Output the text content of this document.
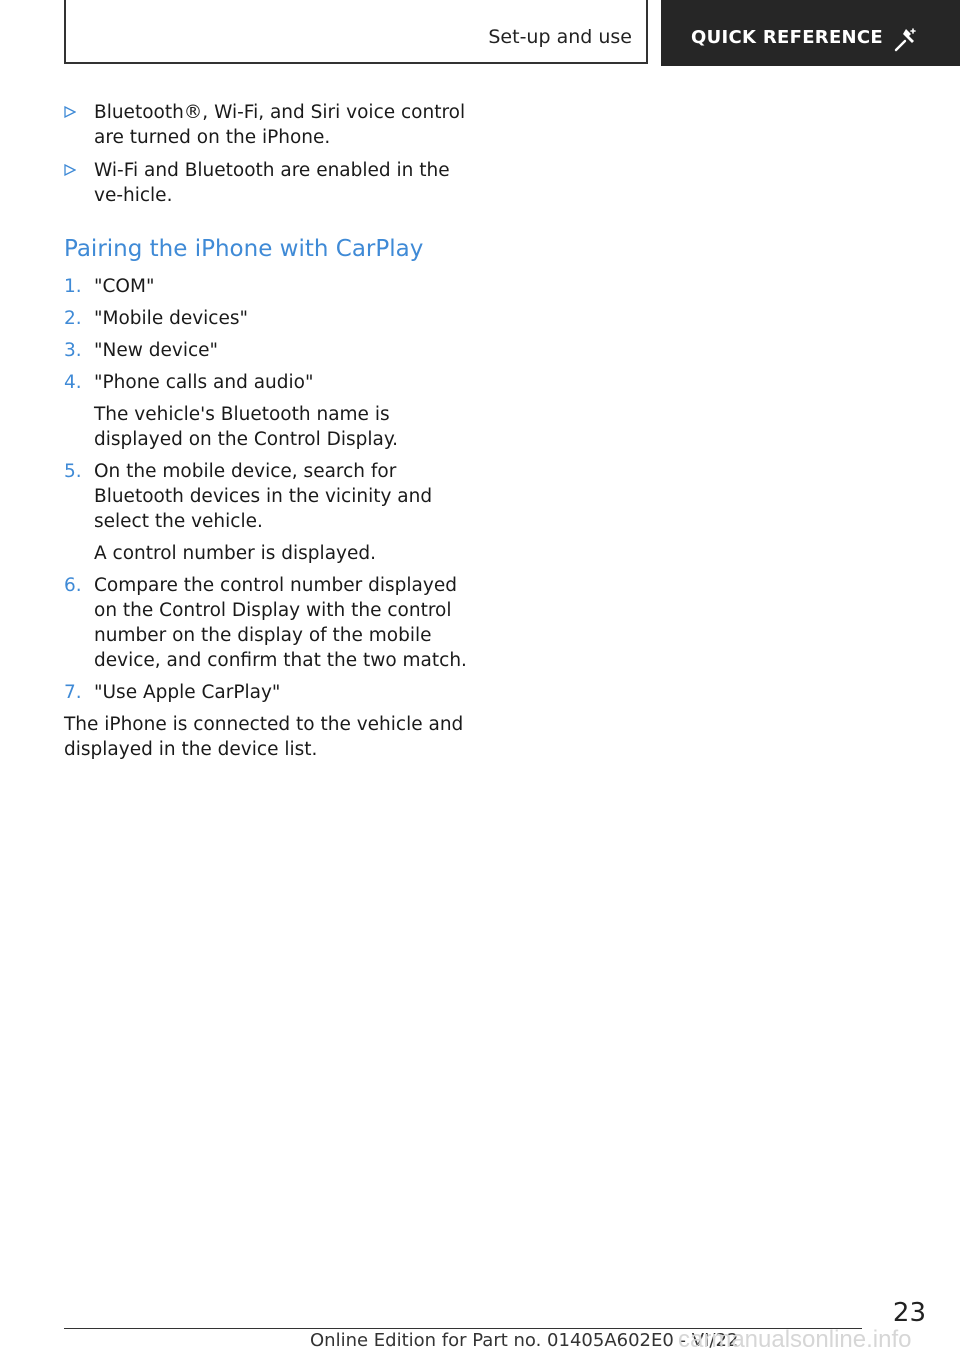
Set-up and use	QUICK REFERENCE
Bluetooth®, Wi-Fi, and Siri voice control are turned on the iPhone.
Wi-Fi and Bluetooth are enabled in the ve‐hicle.
Pairing the iPhone with CarPlay
1. "COM"
2. "Mobile devices"
3. "New device"
4. "Phone calls and audio"
The vehicle's Bluetooth name is displayed on the Control Display.
5. On the mobile device, search for Bluetooth devices in the vicinity and select the vehicle.
A control number is displayed.
6. Compare the control number displayed on the Control Display with the control number on the display of the mobile device, and confirm that the two match.
7. "Use Apple CarPlay"

The iPhone is connected to the vehicle and displayed in the device list.

23
Online Edition for Part no. 01405A602E0 - VI/22
carmanualsonline.info
